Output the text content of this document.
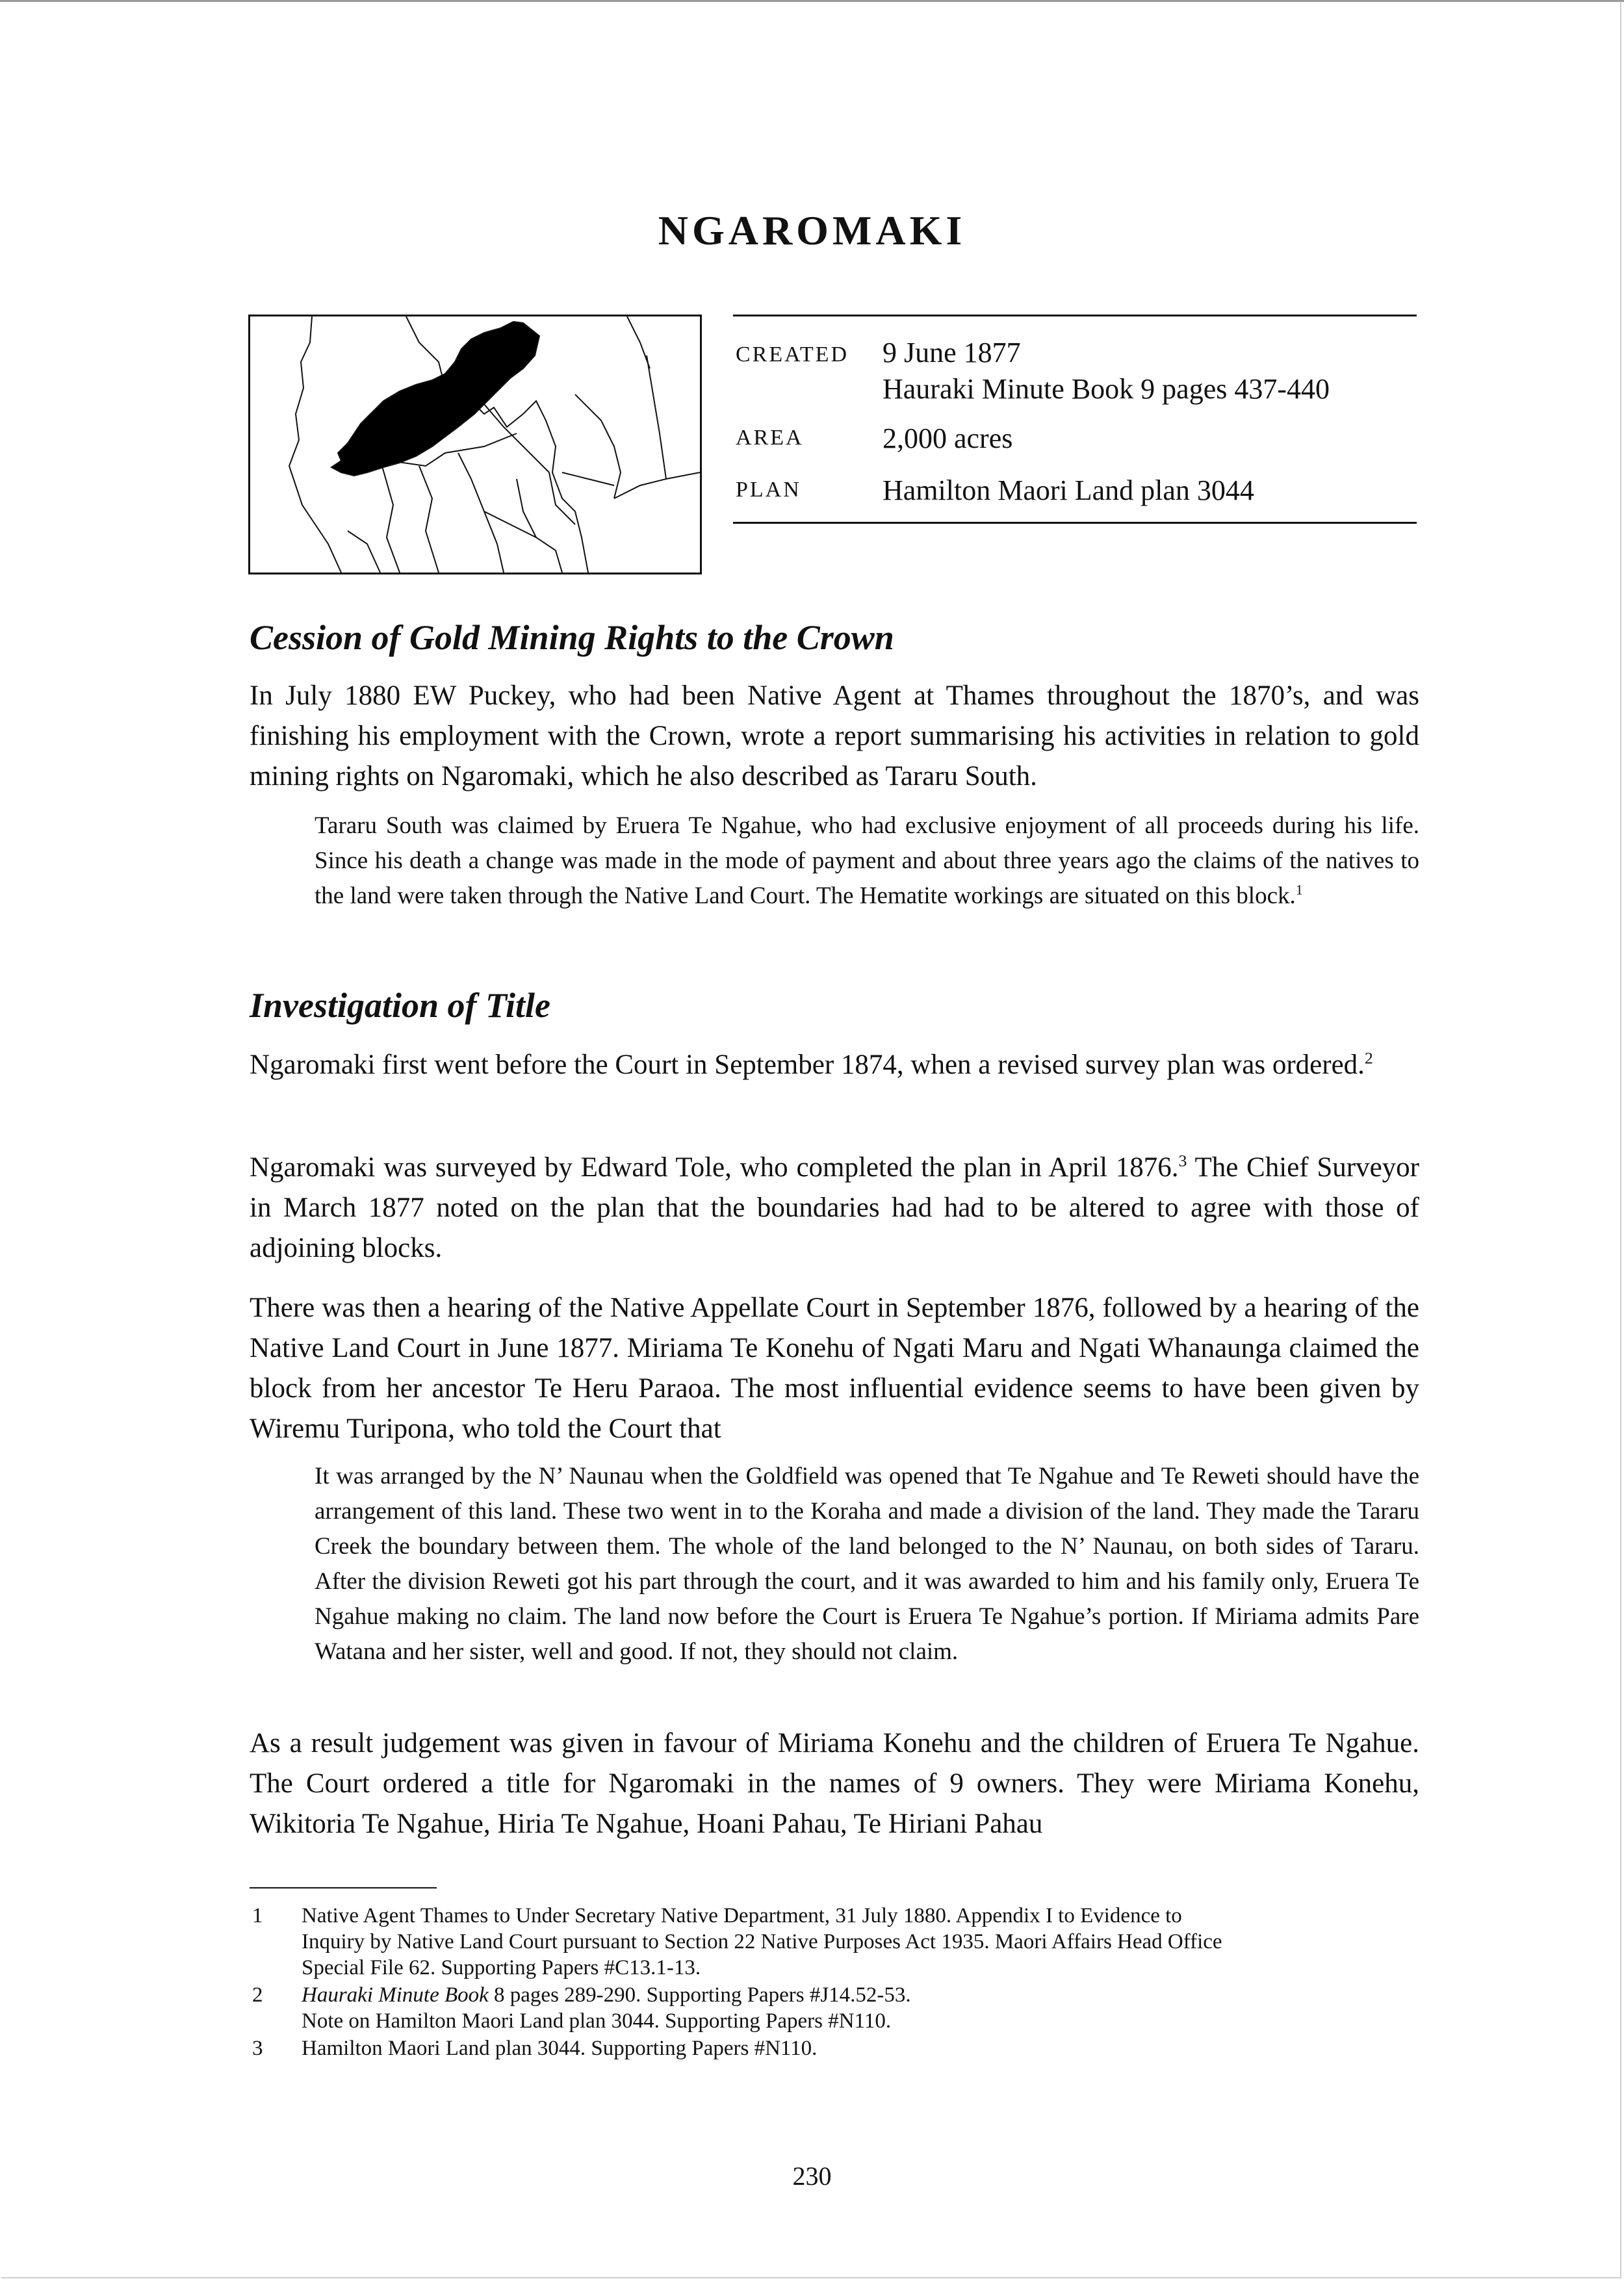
NGAROMAKI
CREATED 9 June 1877
Hauraki Minute Book 9 pages 437-440
AREA	2,000 acres
PLAN	Hamilton Maori Land plan 3044
Cession of Gold Mining Rights to the Crown

In July 1880 EW Puckey, who had been Native Agent at Thames throughout the 1870’s, and was finishing his employment with the Crown, wrote a report summarising his activities in relation to gold mining rights on Ngaromaki, which he also described as Tararu South.

Tararu South was claimed by Eruera Te Ngahue, who had exclusive enjoyment of all proceeds during his life. Since his death a change was made in the mode of payment and about three years ago the claims of the natives to the land were taken through the Native Land Court. The Hematite workings are situated on this block.$^1$

Investigation of Title

Ngaromaki first went before the Court in September 1874, when a revised survey plan was ordered.$^2$

Ngaromaki was surveyed by Edward Tole, who completed the plan in April 1876.$^3$ The Chief Surveyor in March 1877 noted on the plan that the boundaries had had to be altered to agree with those of adjoining blocks.

There was then a hearing of the Native Appellate Court in September 1876, followed by a hearing of the Native Land Court in June 1877. Miriama Te Konehu of Ngati Maru and Ngati Whanaunga claimed the block from her ancestor Te Heru Paraoa. The most influential evidence seems to have been given by Wiremu Turipona, who told the Court that

It was arranged by the N’ Naunau when the Goldfield was opened that Te Ngahue and Te Reweti should have the arrangement of this land. These two went in to the Koraha and made a division of the land. They made the Tararu Creek the boundary between them. The whole of the land belonged to the N’ Naunau, on both sides of Tararu. After the division Reweti got his part through the court, and it was awarded to him and his family only, Eruera Te Ngahue making no claim. The land now before the Court is Eruera Te Ngahue’s portion. If Miriama admits Pare Watana and her sister, well and good. If not, they should not claim.

As a result judgement was given in favour of Miriama Konehu and the children of Eruera Te Ngahue. The Court ordered a title for Ngaromaki in the names of 9 owners. They were Miriama Konehu, Wikitoria Te Ngahue, Hiria Te Ngahue, Hoani Pahau, Te Hiriani Pahau

1 Native Agent Thames to Under Secretary Native Department, 31 July 1880. Appendix I to Evidence to
Inquiry by Native Land Court pursuant to Section 22 Native Purposes Act 1935. Maori Affairs Head Office
Special File 62. Supporting Papers #C13.1-13.
2 Hauraki Minute Book 8 pages 289-290. Supporting Papers #J14.52-53.
Note on Hamilton Maori Land plan 3044. Supporting Papers #N110.
3 Hamilton Maori Land plan 3044. Supporting Papers #N110.
230
